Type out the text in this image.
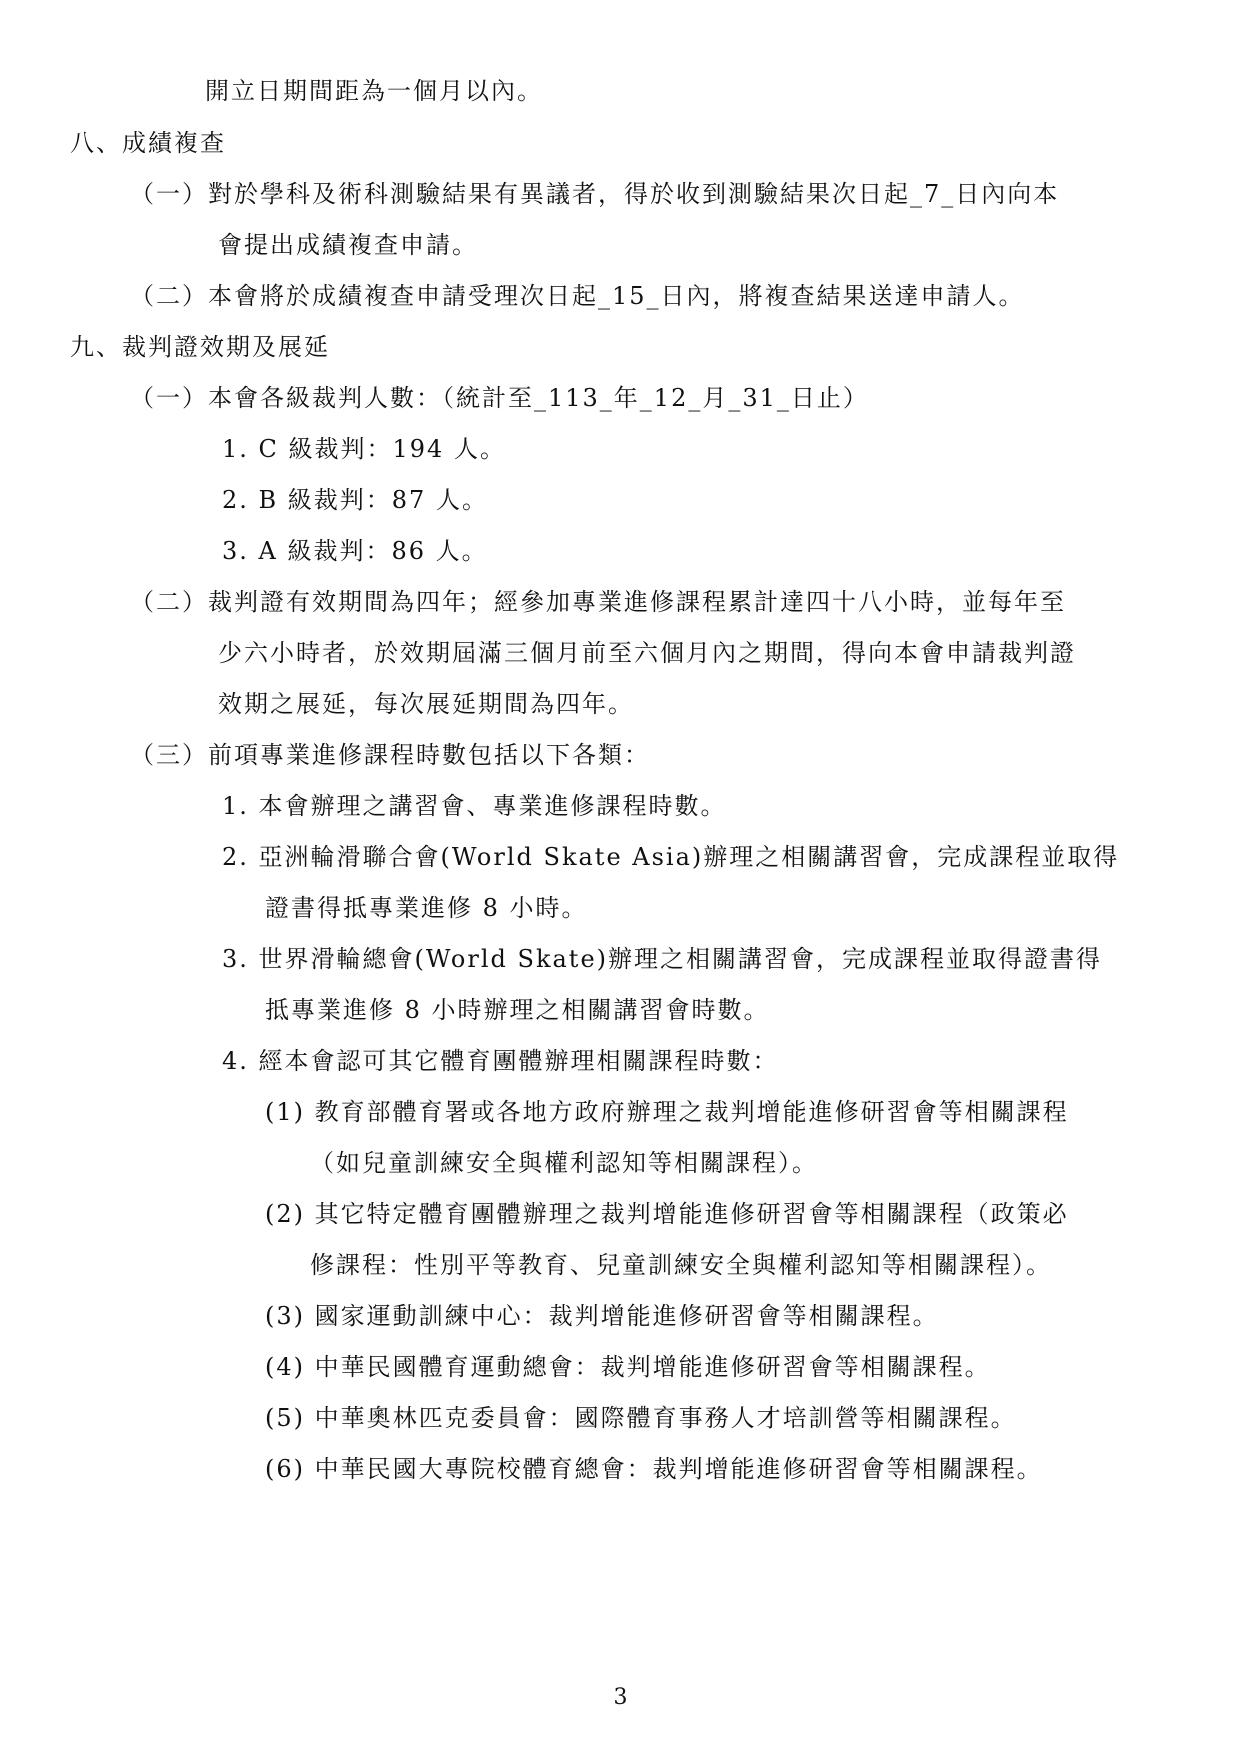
開立日期間距為一個月以內。
八、成績複查
（一）對於學科及術科測驗結果有異議者，得於收到測驗結果次日起_7_日內向本
會提出成績複查申請。
（二）本會將於成績複查申請受理次日起_15_日內，將複查結果送達申請人。
九、裁判證效期及展延
（一）本會各級裁判人數：（統計至_113_年_12_月_31_日止）
1. C 級裁判：194 人。
2. B 級裁判：87 人。
3. A 級裁判：86 人。
（二）裁判證有效期間為四年；經參加專業進修課程累計達四十八小時，並每年至
少六小時者，於效期屆滿三個月前至六個月內之期間，得向本會申請裁判證
效期之展延，每次展延期間為四年。
（三）前項專業進修課程時數包括以下各類：
1. 本會辦理之講習會、專業進修課程時數。
2. 亞洲輪滑聯合會(World Skate Asia)辦理之相關講習會，完成課程並取得
證書得抵專業進修 8 小時。
3. 世界滑輪總會(World Skate)辦理之相關講習會，完成課程並取得證書得
抵專業進修 8 小時辦理之相關講習會時數。
4. 經本會認可其它體育團體辦理相關課程時數：
(1) 教育部體育署或各地方政府辦理之裁判增能進修研習會等相關課程
（如兒童訓練安全與權利認知等相關課程）。
(2) 其它特定體育團體辦理之裁判增能進修研習會等相關課程（政策必
修課程：性別平等教育、兒童訓練安全與權利認知等相關課程）。
(3) 國家運動訓練中心：裁判增能進修研習會等相關課程。
(4) 中華民國體育運動總會：裁判增能進修研習會等相關課程。
(5) 中華奧林匹克委員會：國際體育事務人才培訓營等相關課程。
(6) 中華民國大專院校體育總會：裁判增能進修研習會等相關課程。
3
